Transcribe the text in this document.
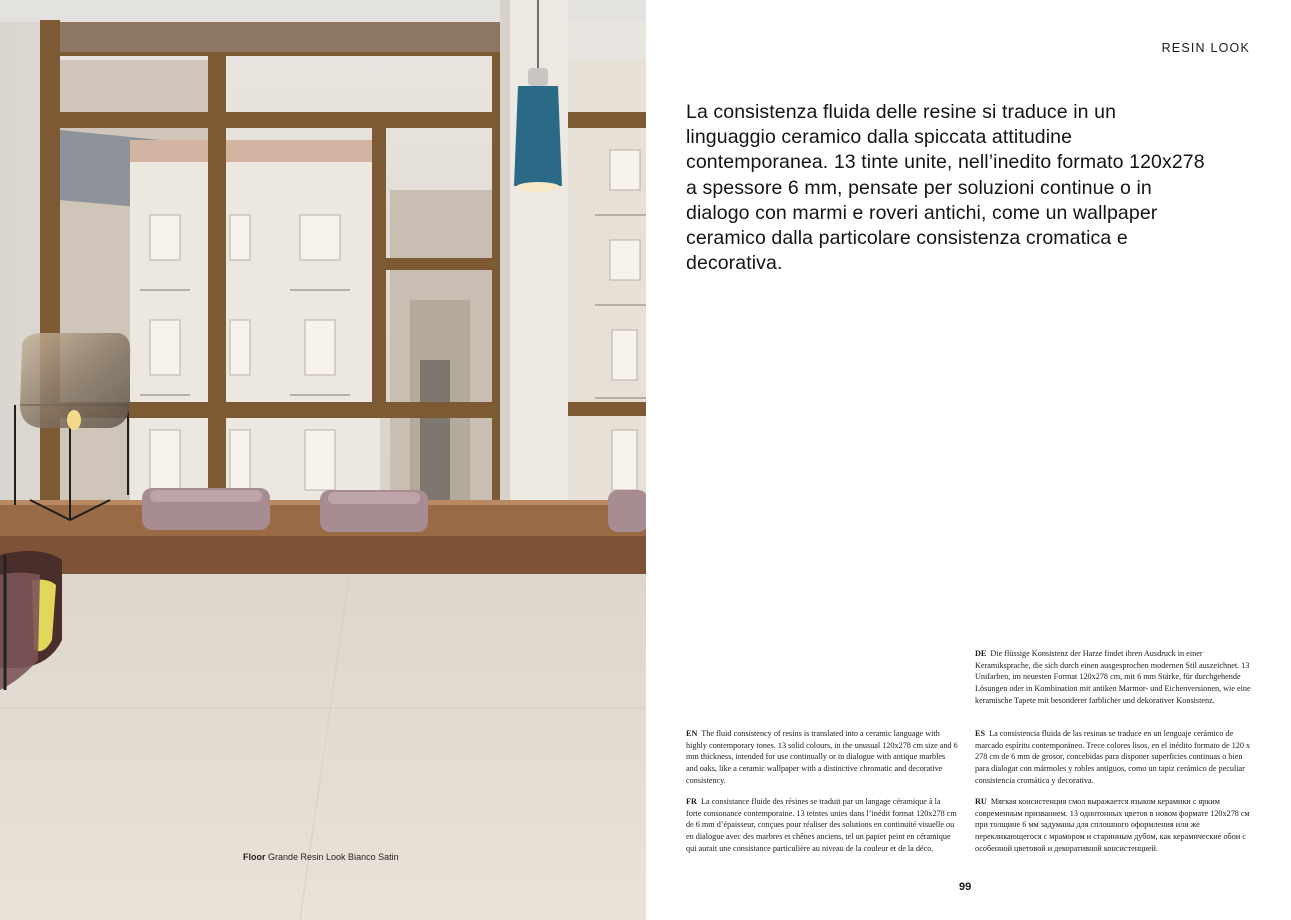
Floor Grande Resin Look Bianco Satin
RESIN LOOK

La consistenza fluida delle resine si traduce in un linguaggio ceramico dalla spiccata attitudine contemporanea. 13 tinte unite, nell’inedito formato 120x278 a spessore 6 mm, pensate per soluzioni continue o in dialogo con marmi e roveri antichi, come un wallpaper ceramico dalla particolare consistenza cromatica e decorativa.

DE Die flüssige Konsistenz der Harze findet ihren Ausdruck in einer Keramiksprache, die sich durch einen ausgesprochen modernen Stil auszeichnet. 13 Unifarben, im neuesten Format 120x278 cm, mit 6 mm Stärke, für durchgehende Lösungen oder in Kombination mit antiken Marmor- und Eichenversionen, wie eine keramische Tapete mit besonderer farblicher und dekorativer Konsistenz.

EN The fluid consistency of resins is translated into a ceramic language with highly contemporary tones. 13 solid colours, in the unusual 120x278 cm size and 6 mm thickness, intended for use continually or in dialogue with antique marbles and oaks, like a ceramic wallpaper with a distinctive chromatic and decorative consistency.

ES La consistencia fluida de las resinas se traduce en un lenguaje cerámico de marcado espíritu contemporáneo. Trece colores lisos, en el inédito formato de 120 x 278 cm de 6 mm de grosor, concebidas para disponer superficies continuas o bien para dialogar con mármoles y robles antiguos, como un tapiz cerámico de peculiar consistencia cromática y decorativa.

FR La consistance fluide des résines se traduit par un langage céramique à la forte consonance contemporaine. 13 teintes unies dans l’inédit format 120x278 cm de 6 mm d’épaisseur, conçues pour réaliser des solutions en continuité visuelle ou en dialogue avec des marbres et chênes anciens, tel un papier peint en céramique qui aurait une consistance particulière au niveau de la couleur et de la déco.

RU Мягкая консистенция смол выражается языком керамики с ярким современным призванием. 13 однотонных цветов в новом формате 120x278 см при толщине 6 мм задуманы для сплошного оформления или же перекликающегося с мрамором и старинным дубом, как керамические обои с особенной цветовой и декоративной консистенцией.

99
